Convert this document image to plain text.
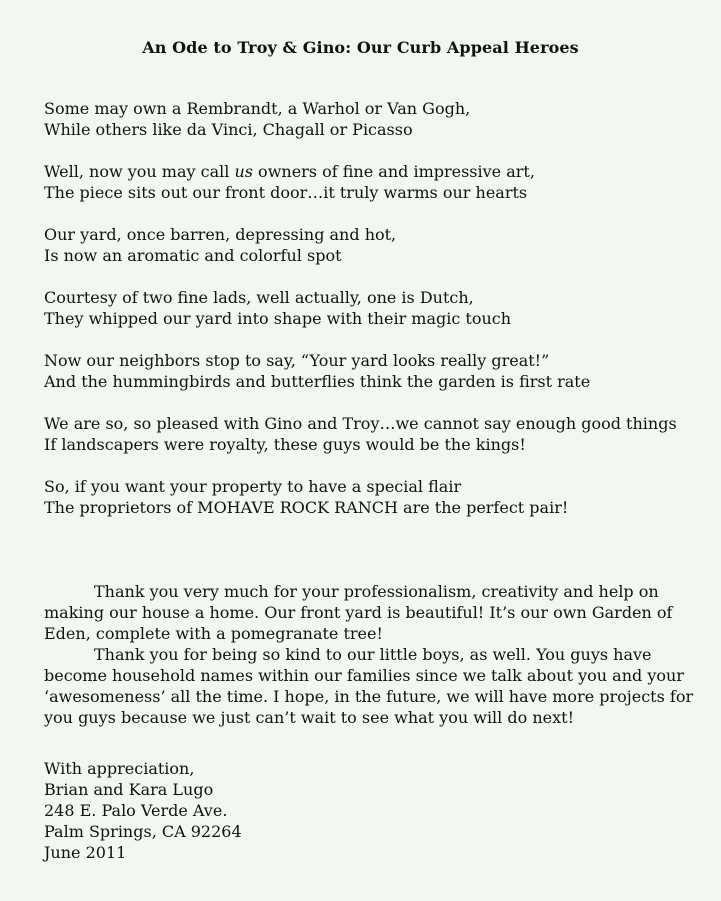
An Ode to Troy & Gino: Our Curb Appeal Heroes
Some may own a Rembrandt, a Warhol or Van Gogh,
While others like da Vinci, Chagall or Picasso
Well, now you may call us owners of fine and impressive art,
The piece sits out our front door…it truly warms our hearts
Our yard, once barren, depressing and hot,
Is now an aromatic and colorful spot
Courtesy of two fine lads, well actually, one is Dutch,
They whipped our yard into shape with their magic touch
Now our neighbors stop to say, “Your yard looks really great!”
And the hummingbirds and butterflies think the garden is first rate
We are so, so pleased with Gino and Troy…we cannot say enough good things
If landscapers were royalty, these guys would be the kings!
So, if you want your property to have a special flair
The proprietors of MOHAVE ROCK RANCH are the perfect pair!

Thank you very much for your professionalism, creativity and help on making our house a home. Our front yard is beautiful! It’s our own Garden of Eden, complete with a pomegranate tree!

Thank you for being so kind to our little boys, as well. You guys have become household names within our families since we talk about you and your ‘awesomeness’ all the time. I hope, in the future, we will have more projects for you guys because we just can’t wait to see what you will do next!

With appreciation,
Brian and Kara Lugo
248 E. Palo Verde Ave.
Palm Springs, CA 92264
June 2011
